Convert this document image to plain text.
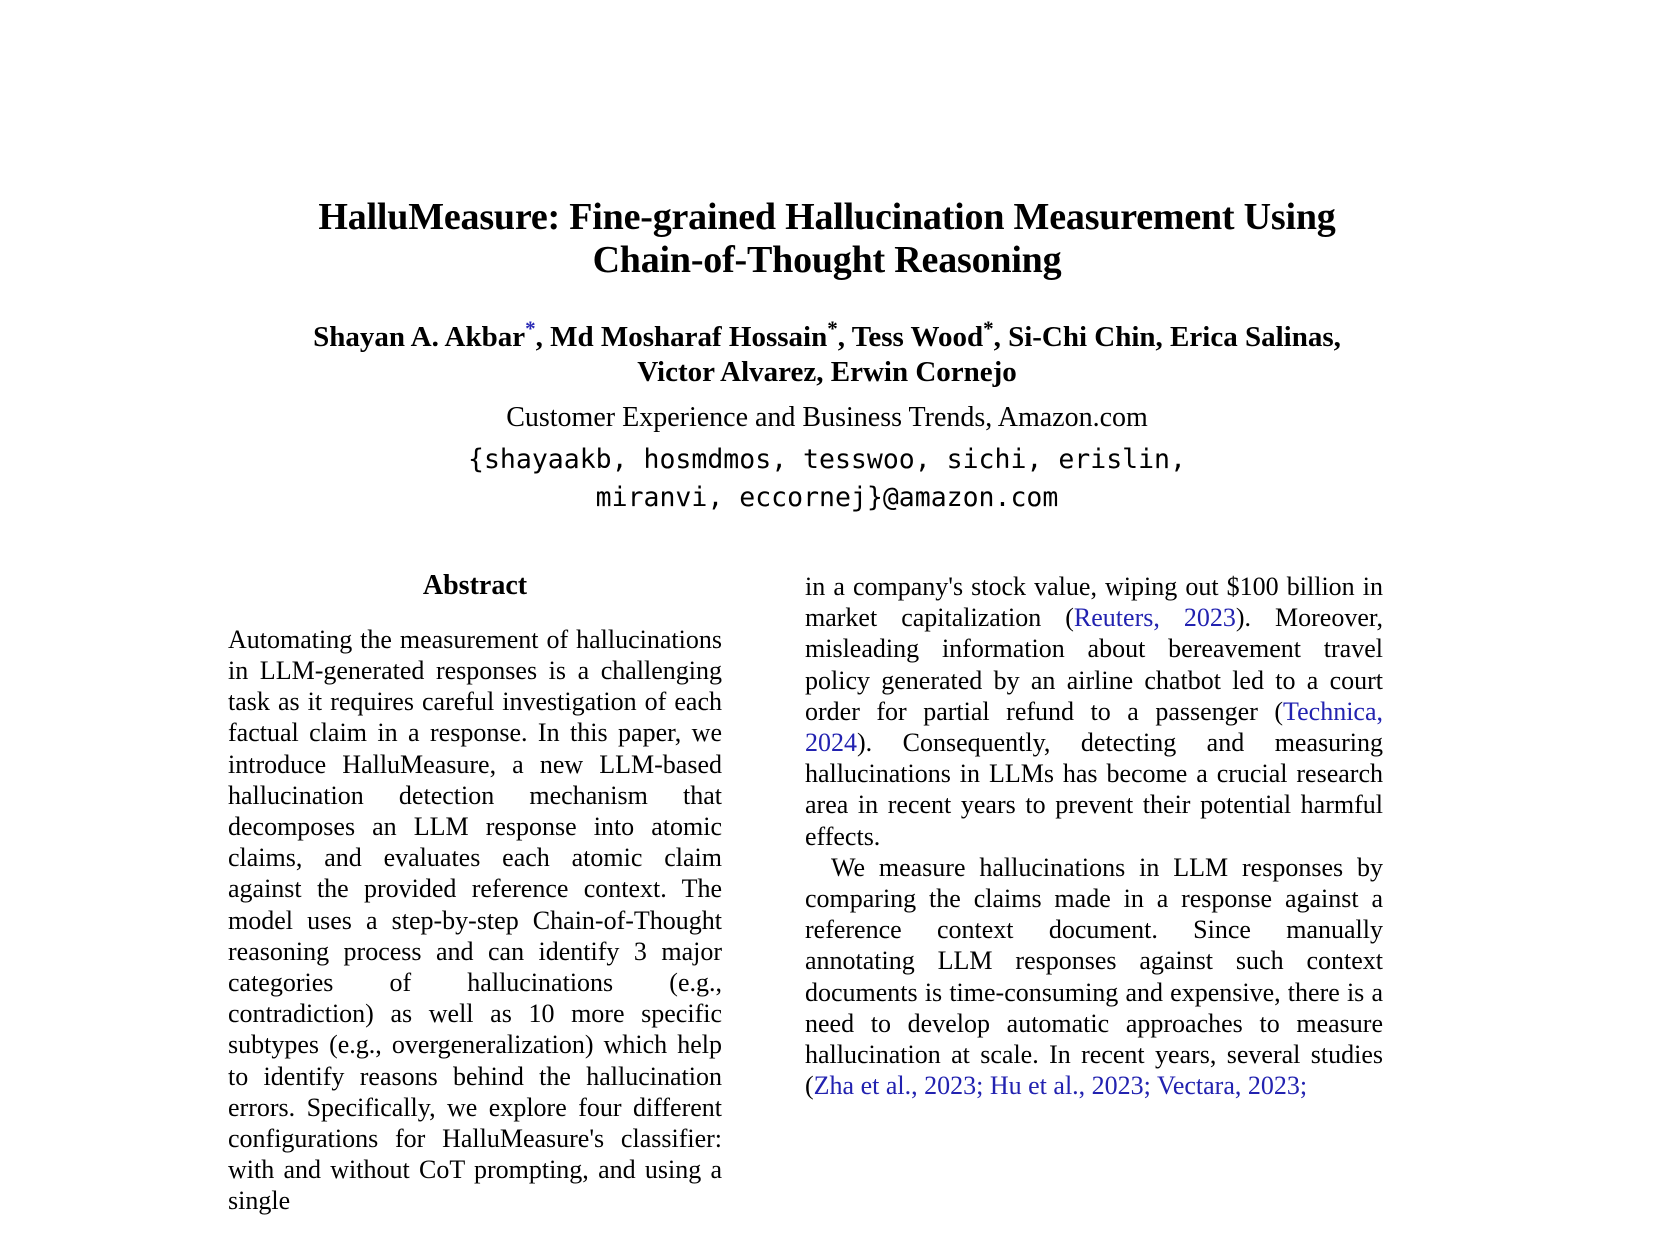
HalluMeasure: Fine-grained Hallucination Measurement Using
Chain-of-Thought Reasoning
Shayan A. Akbar*, Md Mosharaf Hossain*, Tess Wood*, Si-Chi Chin, Erica Salinas,
Victor Alvarez, Erwin Cornejo
Customer Experience and Business Trends, Amazon.com
{shayaakb, hosmdmos, tesswoo, sichi, erislin,
miranvi, eccornej}@amazon.com
Abstract

Automating the measurement of hallucinations in LLM-generated responses is a challenging task as it requires careful investigation of each factual claim in a response. In this paper, we introduce HalluMeasure, a new LLM-based hallucination detection mechanism that decomposes an LLM response into atomic claims, and evaluates each atomic claim against the provided reference context. The model uses a step-by-step Chain-of-Thought reasoning process and can identify 3 major categories of hallucinations (e.g., contradiction) as well as 10 more specific subtypes (e.g., overgeneralization) which help to identify reasons behind the hallucination errors. Specifically, we explore four different configurations for HalluMeasure's classifier: with and without CoT prompting, and using a single

in a company's stock value, wiping out $100 billion in market capitalization (Reuters, 2023). Moreover, misleading information about bereavement travel policy generated by an airline chatbot led to a court order for partial refund to a passenger (Technica, 2024). Consequently, detecting and measuring hallucinations in LLMs has become a crucial research area in recent years to prevent their potential harmful effects.

We measure hallucinations in LLM responses by comparing the claims made in a response against a reference context document. Since manually annotating LLM responses against such context documents is time-consuming and expensive, there is a need to develop automatic approaches to measure hallucination at scale. In recent years, several studies (Zha et al., 2023; Hu et al., 2023; Vectara, 2023;
